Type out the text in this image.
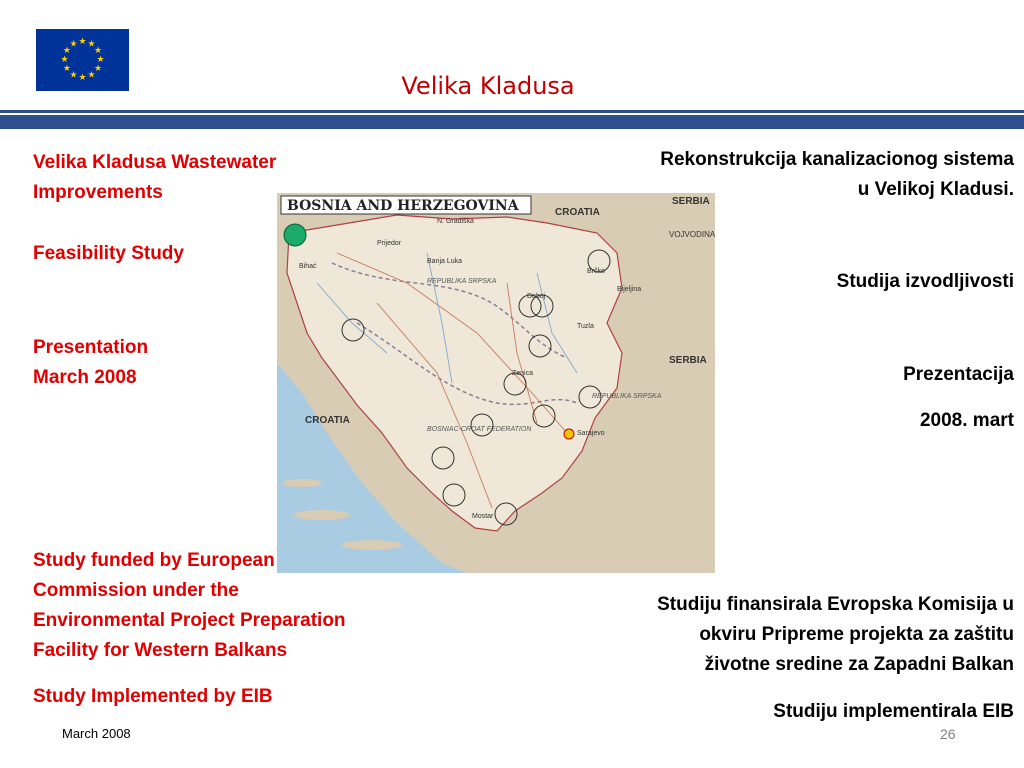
★ ★
★
★
★
★
★
★
★
★
★
★
Velika Kladusa
Velika Kladusa Wastewater
Improvements
Feasibility Study
Presentation
March 2008
Study funded by European
Commission under the
Environmental Project Preparation
Facility for Western Balkans
Study Implemented by EIB
Rekonstrukcija kanalizacionog sistema
u Velikoj Kladusi.
Studija izvodljivosti
Prezentacija
2008. mart
Studiju finansirala Evropska Komisija u
okviru Pripreme projekta za zaštitu
životne sredine za Zapadni Balkan
Studiju implementirala EIB
BOSNIA AND HERZEGOVINA	CROATIA
SERBIA
VOJVODINA
SERBIA
CROATIA
REPUBLIKA SRPSKA
REPUBLIKA SRPSKA
BOSNIAC-CROAT FEDERATION
Bihać
Banja Luka
Prijedor
Sarajevo
Tuzla
Bijeljina
Zenica
N. Gradiška
Brčko
Doboj
Mostar
March 2008	26
